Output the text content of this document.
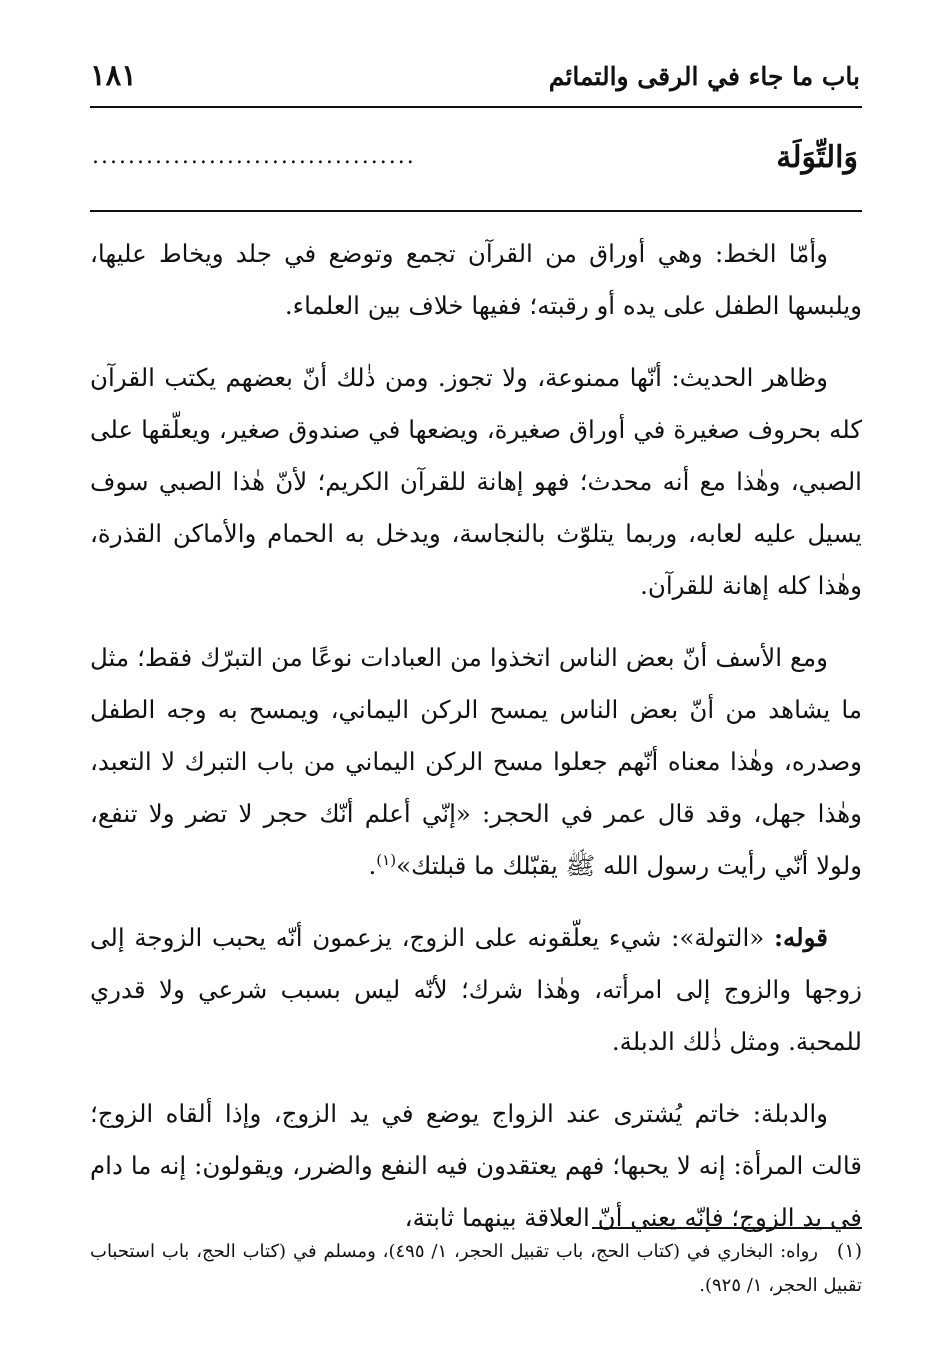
باب ما جاء في الرقى والتمائم
١٨١
وَالتِّوَلَة
....................................

وأمّا الخط: وهي أوراق من القرآن تجمع وتوضع في جلد ويخاط عليها، ويلبسها الطفل على يده أو رقبته؛ ففيها خلاف بين العلماء.

وظاهر الحديث: أنّها ممنوعة، ولا تجوز. ومن ذٰلك أنّ بعضهم يكتب القرآن كله بحروف صغيرة في أوراق صغيرة، ويضعها في صندوق صغير، ويعلّقها على الصبي، وهٰذا مع أنه محدث؛ فهو إهانة للقرآن الكريم؛ لأنّ هٰذا الصبي سوف يسيل عليه لعابه، وربما يتلوّث بالنجاسة، ويدخل به الحمام والأماكن القذرة، وهٰذا كله إهانة للقرآن.

ومع الأسف أنّ بعض الناس اتخذوا من العبادات نوعًا من التبرّك فقط؛ مثل ما يشاهد من أنّ بعض الناس يمسح الركن اليماني، ويمسح به وجه الطفل وصدره، وهٰذا معناه أنّهم جعلوا مسح الركن اليماني من باب التبرك لا التعبد، وهٰذا جهل، وقد قال عمر في الحجر: «إنّي أعلم أنّك حجر لا تضر ولا تنفع، ولولا أنّي رأيت رسول الله ﷺ يقبّلك ما قبلتك»$^{(١)}$.

قوله: «التولة»: شيء يعلّقونه على الزوج، يزعمون أنّه يحبب الزوجة إلى زوجها والزوج إلى امرأته، وهٰذا شرك؛ لأنّه ليس بسبب شرعي ولا قدري للمحبة. ومثل ذٰلك الدبلة.

والدبلة: خاتم يُشترى عند الزواج يوضع في يد الزوج، وإذا ألقاه الزوج؛ قالت المرأة: إنه لا يحبها؛ فهم يعتقدون فيه النفع والضرر، ويقولون: إنه ما دام في يد الزوج؛ فإنّه يعني أنّ العلاقة بينهما ثابتة،

(١)رواه: البخاري في (كتاب الحج، باب تقبيل الحجر، ١/ ٤٩٥)، ومسلم في (كتاب الحج، باب استحباب تقبيل الحجر، ١/ ٩٢٥).
